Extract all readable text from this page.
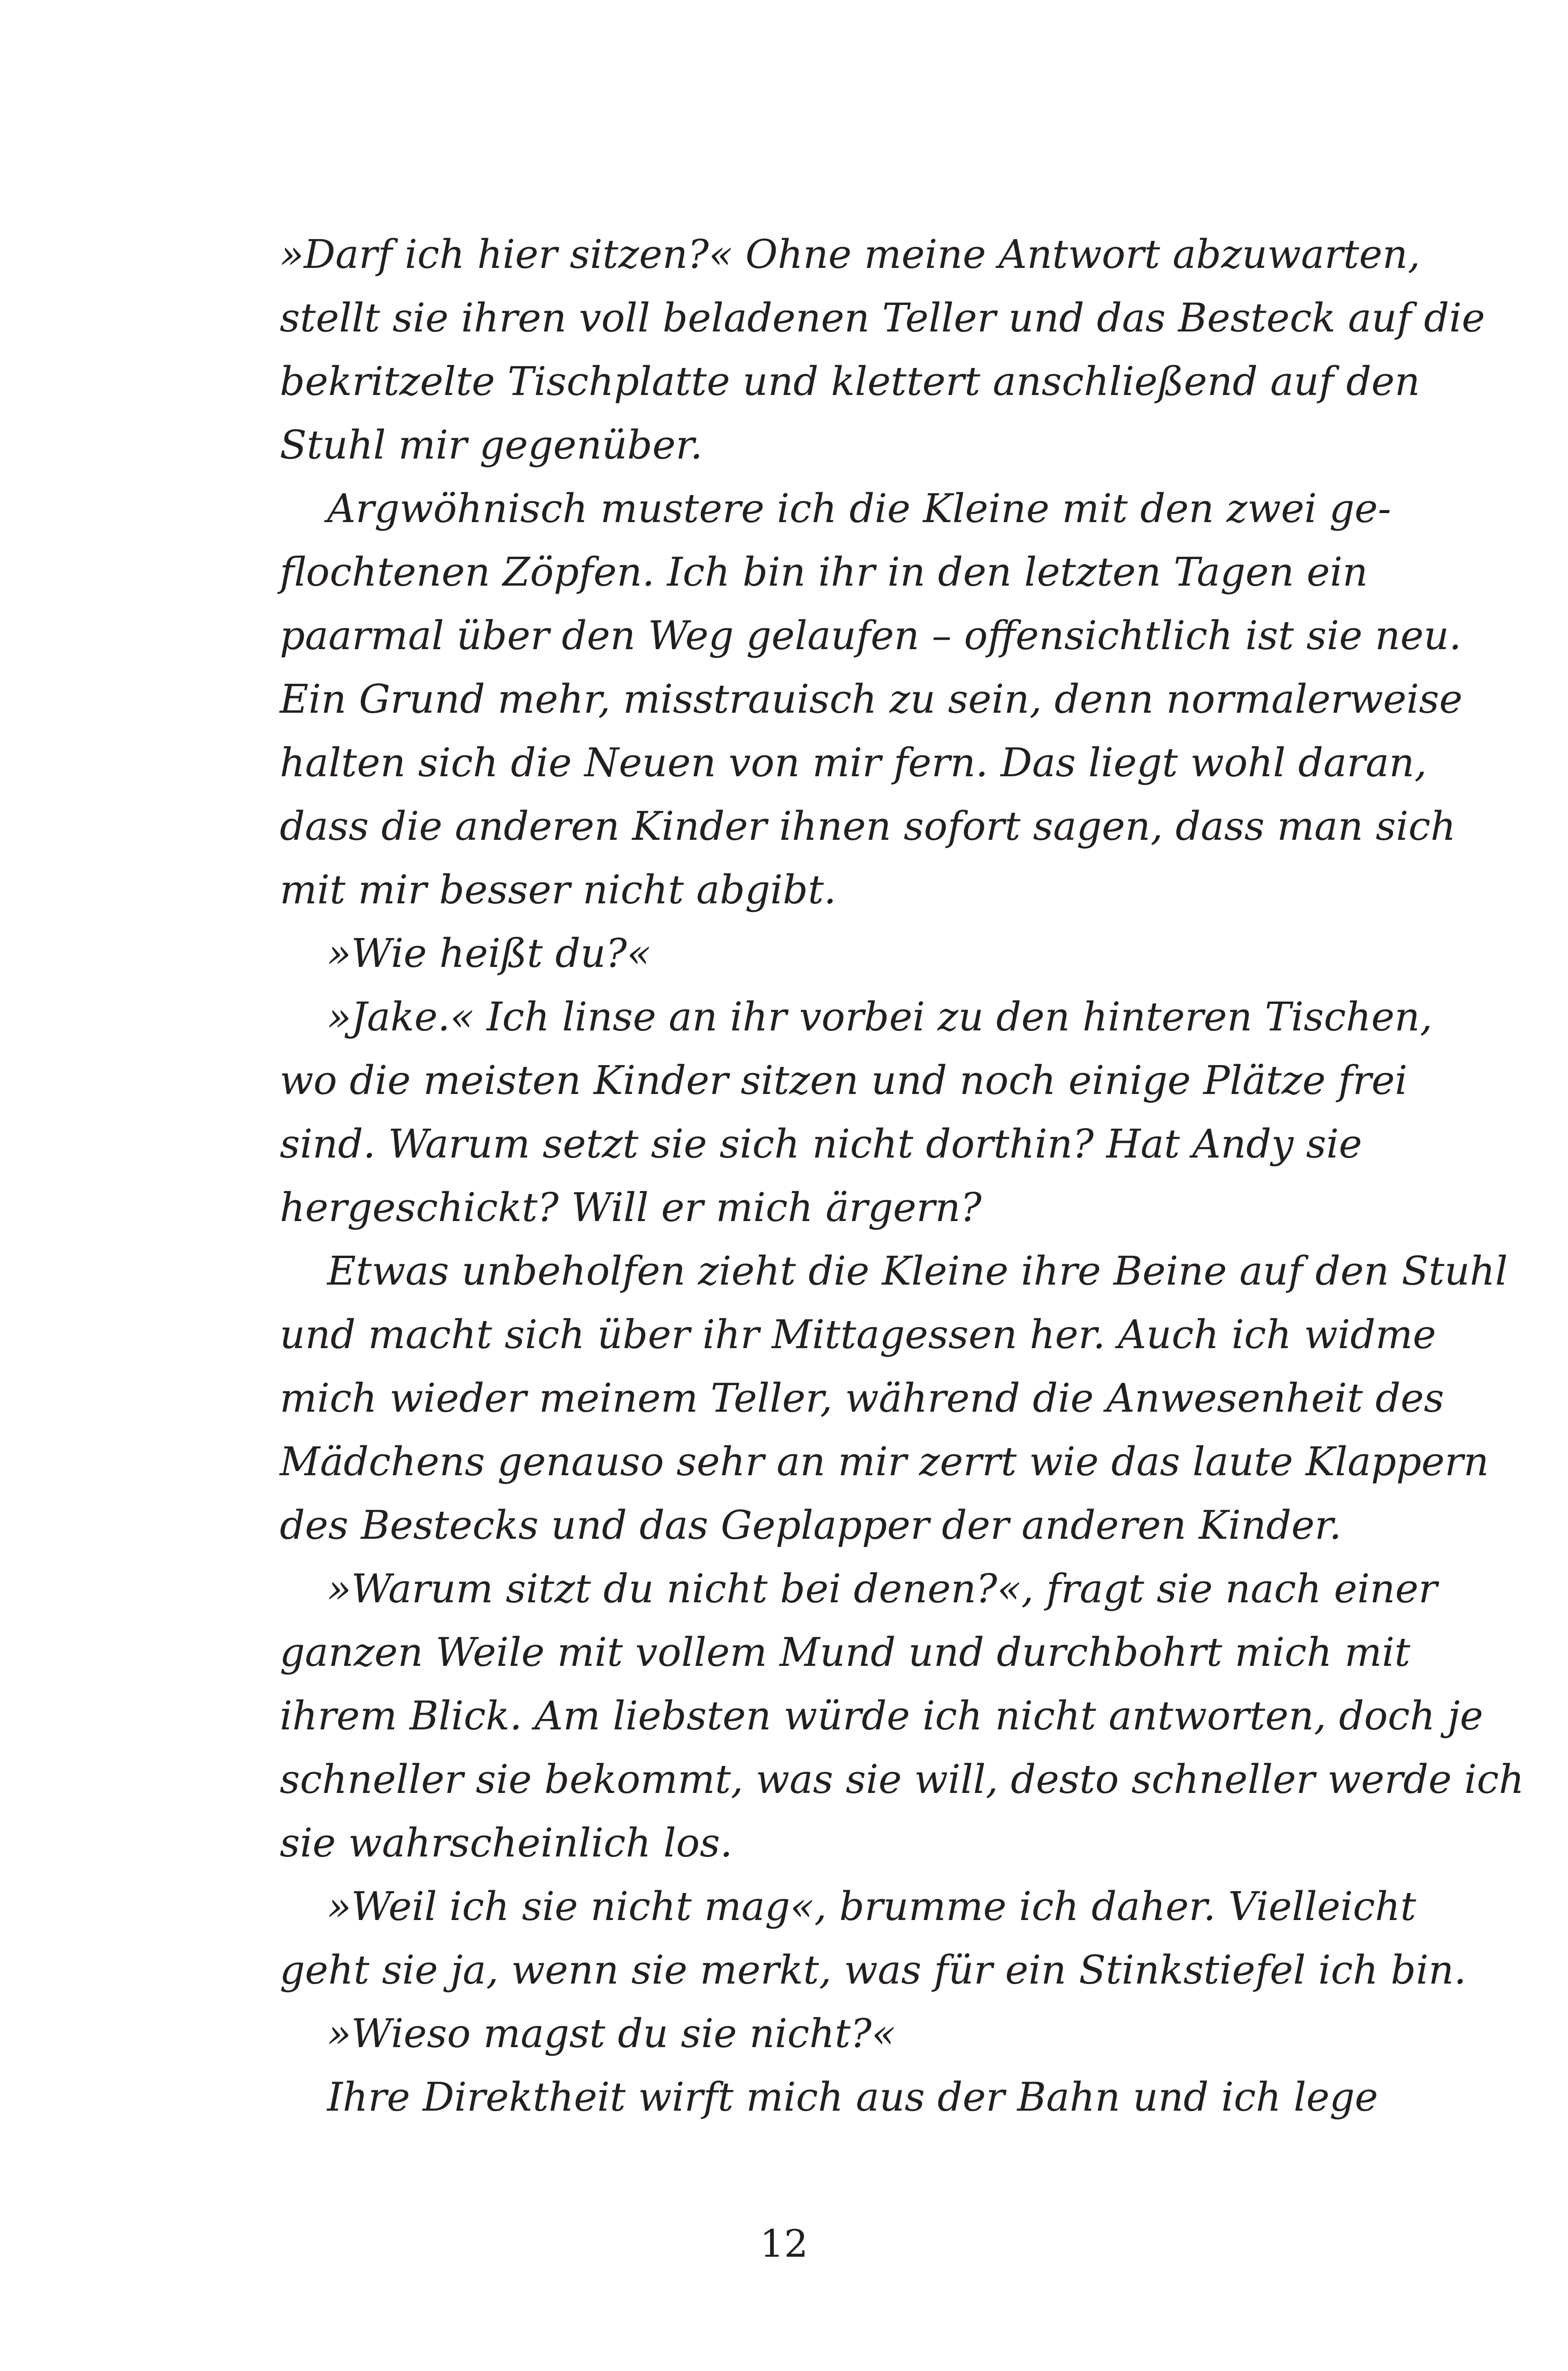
»Darf ich hier sitzen?« Ohne meine Antwort abzuwarten,
stellt sie ihren voll beladenen Teller und das Besteck auf die
bekritzelte Tischplatte und klettert anschließend auf den
Stuhl mir gegenüber.
Argwöhnisch mustere ich die Kleine mit den zwei ge-
flochtenen Zöpfen. Ich bin ihr in den letzten Tagen ein
paarmal über den Weg gelaufen – offensichtlich ist sie neu.
Ein Grund mehr, misstrauisch zu sein, denn normalerweise
halten sich die Neuen von mir fern. Das liegt wohl daran,
dass die anderen Kinder ihnen sofort sagen, dass man sich
mit mir besser nicht abgibt.
»Wie heißt du?«
»Jake.« Ich linse an ihr vorbei zu den hinteren Tischen,
wo die meisten Kinder sitzen und noch einige Plätze frei
sind. Warum setzt sie sich nicht dorthin? Hat Andy sie
hergeschickt? Will er mich ärgern?
Etwas unbeholfen zieht die Kleine ihre Beine auf den Stuhl
und macht sich über ihr Mittagessen her. Auch ich widme
mich wieder meinem Teller, während die Anwesenheit des
Mädchens genauso sehr an mir zerrt wie das laute Klappern
des Bestecks und das Geplapper der anderen Kinder.
»Warum sitzt du nicht bei denen?«, fragt sie nach einer
ganzen Weile mit vollem Mund und durchbohrt mich mit
ihrem Blick. Am liebsten würde ich nicht antworten, doch je
schneller sie bekommt, was sie will, desto schneller werde ich
sie wahrscheinlich los.
»Weil ich sie nicht mag«, brumme ich daher. Vielleicht
geht sie ja, wenn sie merkt, was für ein Stinkstiefel ich bin.
»Wieso magst du sie nicht?«
Ihre Direktheit wirft mich aus der Bahn und ich lege
12
